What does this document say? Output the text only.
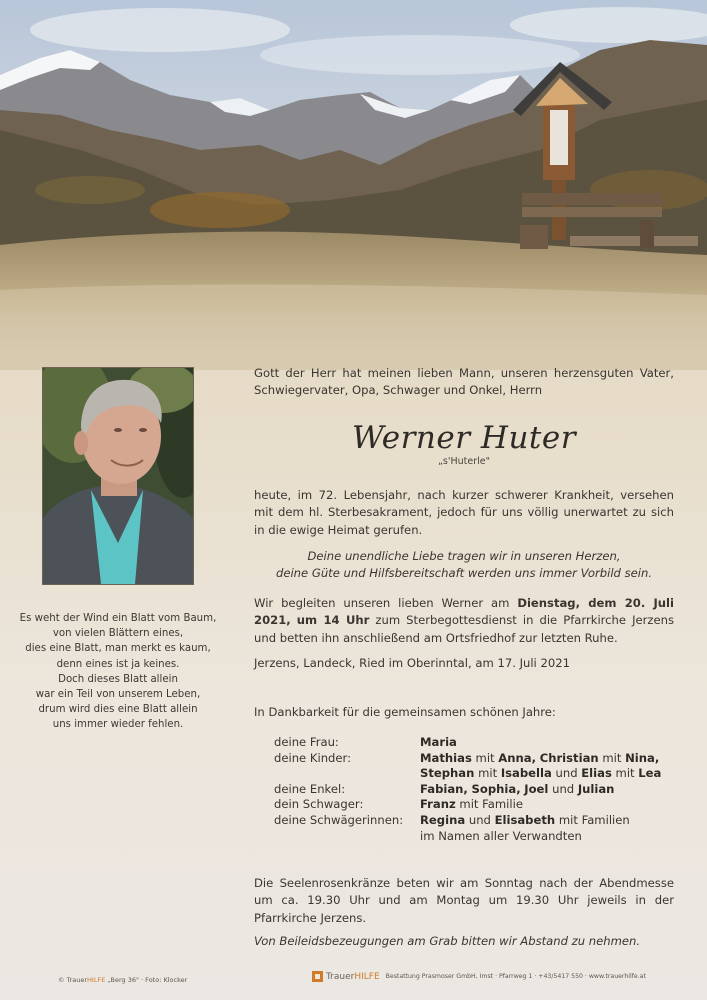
Es weht der Wind ein Blatt vom Baum,

von vielen Blättern eines,

dies eine Blatt, man merkt es kaum,

denn eines ist ja keines.

Doch dieses Blatt allein

war ein Teil von unserem Leben,

drum wird dies eine Blatt allein

uns immer wieder fehlen.

Gott der Herr hat meinen lieben Mann, unseren herzensguten Vater, Schwiegervater, Opa, Schwager und Onkel, Herrn

Werner Huter
„s'Huterle"

heute, im 72. Lebensjahr, nach kurzer schwerer Krankheit, versehen mit dem hl. Sterbesakrament, jedoch für uns völlig unerwartet zu sich in die ewige Heimat gerufen.

Deine unendliche Liebe tragen wir in unseren Herzen,

deine Güte und Hilfsbereitschaft werden uns immer Vorbild sein.

Wir begleiten unseren lieben Werner am Dienstag, dem 20. Juli 2021, um 14 Uhr zum Sterbegottesdienst in die Pfarrkirche Jerzens und betten ihn anschließend am Ortsfriedhof zur letzten Ruhe.

Jerzens, Landeck, Ried im Oberinntal, am 17. Juli 2021

In Dankbarkeit für die gemeinsamen schönen Jahre:

deine Frau:	Maria
deine Kinder:	Mathias mit Anna, Christian mit Nina,
Stephan mit Isabella und Elias mit Lea
deine Enkel:	Fabian, Sophia, Joel und Julian
dein Schwager:	Franz mit Familie
deine Schwägerinnen: Regina und Elisabeth mit Familien
im Namen aller Verwandten

Die Seelenrosenkränze beten wir am Sonntag nach der Abendmesse um ca. 19.30 Uhr und am Montag um 19.30 Uhr jeweils in der Pfarrkirche Jerzens.

Von Beileidsbezeugungen am Grab bitten wir Abstand zu nehmen.

© TrauerHILFE „Berg 36" · Foto: Klocker	TrauerHILFE Bestattung Prasmoser GmbH, Imst · Pfarrweg 1 · +43/5417 550 · www.trauerhilfe.at
